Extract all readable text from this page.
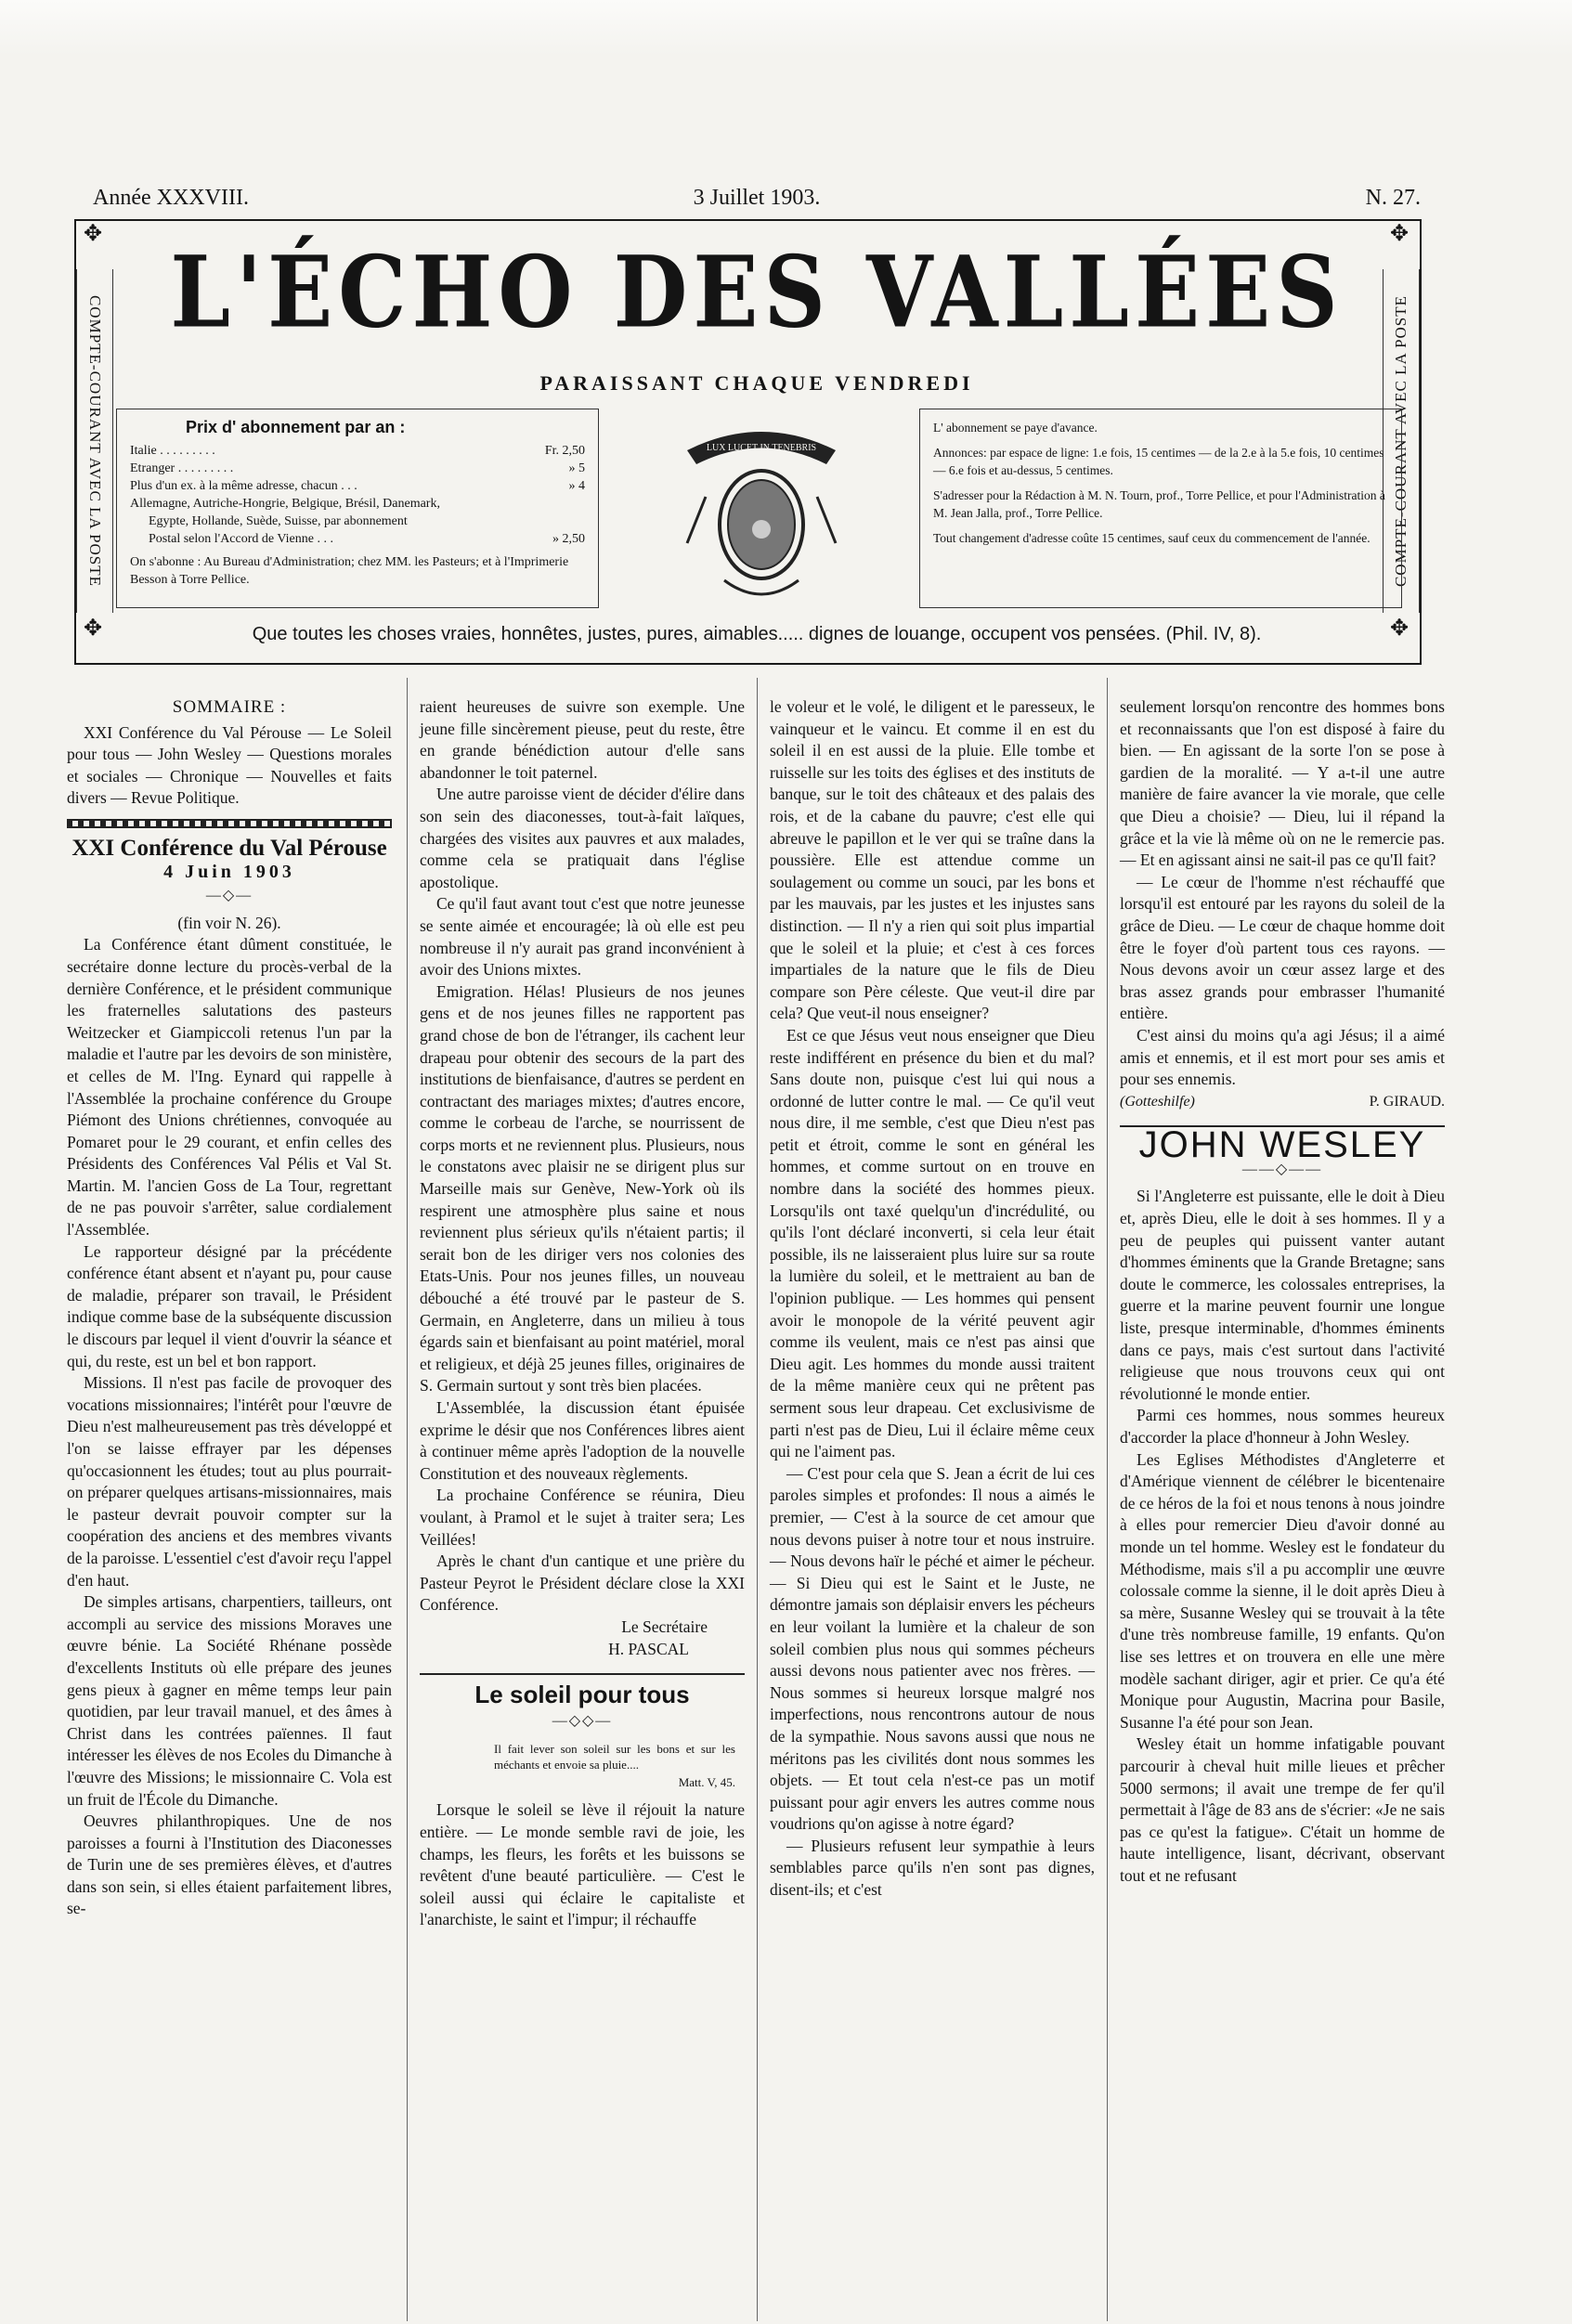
Année XXXVIII.	3 Juillet 1903.	N. 27.
COMPTE-COURANT AVEC LA POSTE	COMPTE-COURANT AVEC LA POSTE
✥	✥
✥	✥
L'ÉCHO DES VALLÉES
PARAISSANT CHAQUE VENDREDI
Prix d' abonnement par an :
Italie . . . . . . . . .	Fr. 2,50
Etranger . . . . . . . . .	» 5
Plus d'un ex. à la même adresse, chacun . . .	» 4
Allemagne, Autriche-Hongrie, Belgique, Brésil, Danemark,
Egypte, Hollande, Suède, Suisse, par abonnement
Postal selon l'Accord de Vienne . . .	» 2,50
On s'abonne : Au Bureau d'Administration; chez MM. les Pasteurs; et à l'Imprimerie Besson à Torre Pellice.
LUX LUCET IN TENEBRIS

L' abonnement se paye d'avance.

Annonces: par espace de ligne: 1.e fois, 15 centimes — de la 2.e à la 5.e fois, 10 centimes — 6.e fois et au-dessus, 5 centimes.

S'adresser pour la Rédaction à M. N. Tourn, prof., Torre Pellice, et pour l'Administration à M. Jean Jalla, prof., Torre Pellice.

Tout changement d'adresse coûte 15 centimes, sauf ceux du commencement de l'année.

Que toutes les choses vraies, honnêtes, justes, pures, aimables..... dignes de louange, occupent vos pensées. (Phil. IV, 8).
SOMMAIRE :

XXI Conférence du Val Pérouse — Le Soleil pour tous — John Wesley — Questions morales et sociales — Chronique — Nouvelles et faits divers — Revue Politique.

XXI Conférence du Val Pérouse
4 Juin 1903
—◇—

(fin voir N. 26).

La Conférence étant dûment constituée, le secrétaire donne lecture du procès-verbal de la dernière Conférence, et le président communique les fraternelles salutations des pasteurs Weitzecker et Giampiccoli retenus l'un par la maladie et l'autre par les devoirs de son ministère, et celles de M. l'Ing. Eynard qui rappelle à l'Assemblée la prochaine conférence du Groupe Piémont des Unions chrétiennes, convoquée au Pomaret pour le 29 courant, et enfin celles des Présidents des Conférences Val Pélis et Val St. Martin. M. l'ancien Goss de La Tour, regrettant de ne pas pouvoir s'arrêter, salue cordialement l'Assemblée.

Le rapporteur désigné par la précédente conférence étant absent et n'ayant pu, pour cause de maladie, préparer son travail, le Président indique comme base de la subséquente discussion le discours par lequel il vient d'ouvrir la séance et qui, du reste, est un bel et bon rapport.

Missions. Il n'est pas facile de provoquer des vocations missionnaires; l'intérêt pour l'œuvre de Dieu n'est malheureusement pas très développé et l'on se laisse effrayer par les dépenses qu'occasionnent les études; tout au plus pourrait-on préparer quelques artisans-missionnaires, mais le pasteur devrait pouvoir compter sur la coopération des anciens et des membres vivants de la paroisse. L'essentiel c'est d'avoir reçu l'appel d'en haut.

De simples artisans, charpentiers, tailleurs, ont accompli au service des missions Moraves une œuvre bénie. La Société Rhénane possède d'excellents Instituts où elle prépare des jeunes gens pieux à gagner en même temps leur pain quotidien, par leur travail manuel, et des âmes à Christ dans les contrées païennes. Il faut intéresser les élèves de nos Ecoles du Dimanche à l'œuvre des Missions; le missionnaire C. Vola est un fruit de l'École du Dimanche.

Oeuvres philanthropiques. Une de nos paroisses a fourni à l'Institution des Diaconesses de Turin une de ses premières élèves, et d'autres dans son sein, si elles étaient parfaitement libres, se-

raient heureuses de suivre son exemple. Une jeune fille sincèrement pieuse, peut du reste, être en grande bénédiction autour d'elle sans abandonner le toit paternel.

Une autre paroisse vient de décider d'élire dans son sein des diaconesses, tout-à-fait laïques, chargées des visites aux pauvres et aux malades, comme cela se pratiquait dans l'église apostolique.

Ce qu'il faut avant tout c'est que notre jeunesse se sente aimée et encouragée; là où elle est peu nombreuse il n'y aurait pas grand inconvénient à avoir des Unions mixtes.

Emigration. Hélas! Plusieurs de nos jeunes gens et de nos jeunes filles ne rapportent pas grand chose de bon de l'étranger, ils cachent leur drapeau pour obtenir des secours de la part des institutions de bienfaisance, d'autres se perdent en contractant des mariages mixtes; d'autres encore, comme le corbeau de l'arche, se nourrissent de corps morts et ne reviennent plus. Plusieurs, nous le constatons avec plaisir ne se dirigent plus sur Marseille mais sur Genève, New-York où ils respirent une atmosphère plus saine et nous reviennent plus sérieux qu'ils n'étaient partis; il serait bon de les diriger vers nos colonies des Etats-Unis. Pour nos jeunes filles, un nouveau débouché a été trouvé par le pasteur de S. Germain, en Angleterre, dans un milieu à tous égards sain et bienfaisant au point matériel, moral et religieux, et déjà 25 jeunes filles, originaires de S. Germain surtout y sont très bien placées.

L'Assemblée, la discussion étant épuisée exprime le désir que nos Conférences libres aient à continuer même après l'adoption de la nouvelle Constitution et des nouveaux règlements.

La prochaine Conférence se réunira, Dieu voulant, à Pramol et le sujet à traiter sera; Les Veillées!

Après le chant d'un cantique et une prière du Pasteur Peyrot le Président déclare close la XXI Conférence.

Le Secrétaire
H. PASCAL
Le soleil pour tous
—◇◇—
Il fait lever son soleil sur les bons et sur les méchants et envoie sa pluie....
Matt. V, 45.

Lorsque le soleil se lève il réjouit la nature entière. — Le monde semble ravi de joie, les champs, les fleurs, les forêts et les buissons se revêtent d'une beauté particulière. — C'est le soleil aussi qui éclaire le capitaliste et l'anarchiste, le saint et l'impur; il réchauffe

le voleur et le volé, le diligent et le paresseux, le vainqueur et le vaincu. Et comme il en est du soleil il en est aussi de la pluie. Elle tombe et ruisselle sur les toits des églises et des instituts de banque, sur le toit des châteaux et des palais des rois, et de la cabane du pauvre; c'est elle qui abreuve le papillon et le ver qui se traîne dans la poussière. Elle est attendue comme un soulagement ou comme un souci, par les bons et par les mauvais, par les justes et les injustes sans distinction. — Il n'y a rien qui soit plus impartial que le soleil et la pluie; et c'est à ces forces impartiales de la nature que le fils de Dieu compare son Père céleste. Que veut-il dire par cela? Que veut-il nous enseigner?

Est ce que Jésus veut nous enseigner que Dieu reste indifférent en présence du bien et du mal? Sans doute non, puisque c'est lui qui nous a ordonné de lutter contre le mal. — Ce qu'il veut nous dire, il me semble, c'est que Dieu n'est pas petit et étroit, comme le sont en général les hommes, et comme surtout on en trouve en nombre dans la société des hommes pieux. Lorsqu'ils ont taxé quelqu'un d'incrédulité, ou qu'ils l'ont déclaré inconverti, si cela leur était possible, ils ne laisseraient plus luire sur sa route la lumière du soleil, et le mettraient au ban de l'opinion publique. — Les hommes qui pensent avoir le monopole de la vérité peuvent agir comme ils veulent, mais ce n'est pas ainsi que Dieu agit. Les hommes du monde aussi traitent de la même manière ceux qui ne prêtent pas serment sous leur drapeau. Cet exclusivisme de parti n'est pas de Dieu, Lui il éclaire même ceux qui ne l'aiment pas.

— C'est pour cela que S. Jean a écrit de lui ces paroles simples et profondes: Il nous a aimés le premier, — C'est à la source de cet amour que nous devons puiser à notre tour et nous instruire. — Nous devons haïr le péché et aimer le pécheur. — Si Dieu qui est le Saint et le Juste, ne démontre jamais son déplaisir envers les pécheurs en leur voilant la lumière et la chaleur de son soleil combien plus nous qui sommes pécheurs aussi devons nous patienter avec nos frères. — Nous sommes si heureux lorsque malgré nos imperfections, nous rencontrons autour de nous de la sympathie. Nous savons aussi que nous ne méritons pas les civilités dont nous sommes les objets. — Et tout cela n'est-ce pas un motif puissant pour agir envers les autres comme nous voudrions qu'on agisse à notre égard?

— Plusieurs refusent leur sympathie à leurs semblables parce qu'ils n'en sont pas dignes, disent-ils; et c'est

seulement lorsqu'on rencontre des hommes bons et reconnaissants que l'on est disposé à faire du bien. — En agissant de la sorte l'on se pose à gardien de la moralité. — Y a-t-il une autre manière de faire avancer la vie morale, que celle que Dieu a choisie? — Dieu, lui il répand la grâce et la vie là même où on ne le remercie pas. — Et en agissant ainsi ne sait-il pas ce qu'Il fait?

— Le cœur de l'homme n'est réchauffé que lorsqu'il est entouré par les rayons du soleil de la grâce de Dieu. — Le cœur de chaque homme doit être le foyer d'où partent tous ces rayons. — Nous devons avoir un cœur assez large et des bras assez grands pour embrasser l'humanité entière.

C'est ainsi du moins qu'a agi Jésus; il a aimé amis et ennemis, et il est mort pour ses amis et pour ses ennemis.

(Gotteshilfe)	P. GIRAUD.
JOHN WESLEY
——◇——

Si l'Angleterre est puissante, elle le doit à Dieu et, après Dieu, elle le doit à ses hommes. Il y a peu de peuples qui puissent vanter autant d'hommes éminents que la Grande Bretagne; sans doute le commerce, les colossales entreprises, la guerre et la marine peuvent fournir une longue liste, presque interminable, d'hommes éminents dans ce pays, mais c'est surtout dans l'activité religieuse que nous trouvons ceux qui ont révolutionné le monde entier.

Parmi ces hommes, nous sommes heureux d'accorder la place d'honneur à John Wesley.

Les Eglises Méthodistes d'Angleterre et d'Amérique viennent de célébrer le bicentenaire de ce héros de la foi et nous tenons à nous joindre à elles pour remercier Dieu d'avoir donné au monde un tel homme. Wesley est le fondateur du Méthodisme, mais s'il a pu accomplir une œuvre colossale comme la sienne, il le doit après Dieu à sa mère, Susanne Wesley qui se trouvait à la tête d'une très nombreuse famille, 19 enfants. Qu'on lise ses lettres et on trouvera en elle une mère modèle sachant diriger, agir et prier. Ce qu'a été Monique pour Augustin, Macrina pour Basile, Susanne l'a été pour son Jean.

Wesley était un homme infatigable pouvant parcourir à cheval huit mille lieues et prêcher 5000 sermons; il avait une trempe de fer qu'il permettait à l'âge de 83 ans de s'écrier: «Je ne sais pas ce qu'est la fatigue». C'était un homme de haute intelligence, lisant, décrivant, observant tout et ne refusant
